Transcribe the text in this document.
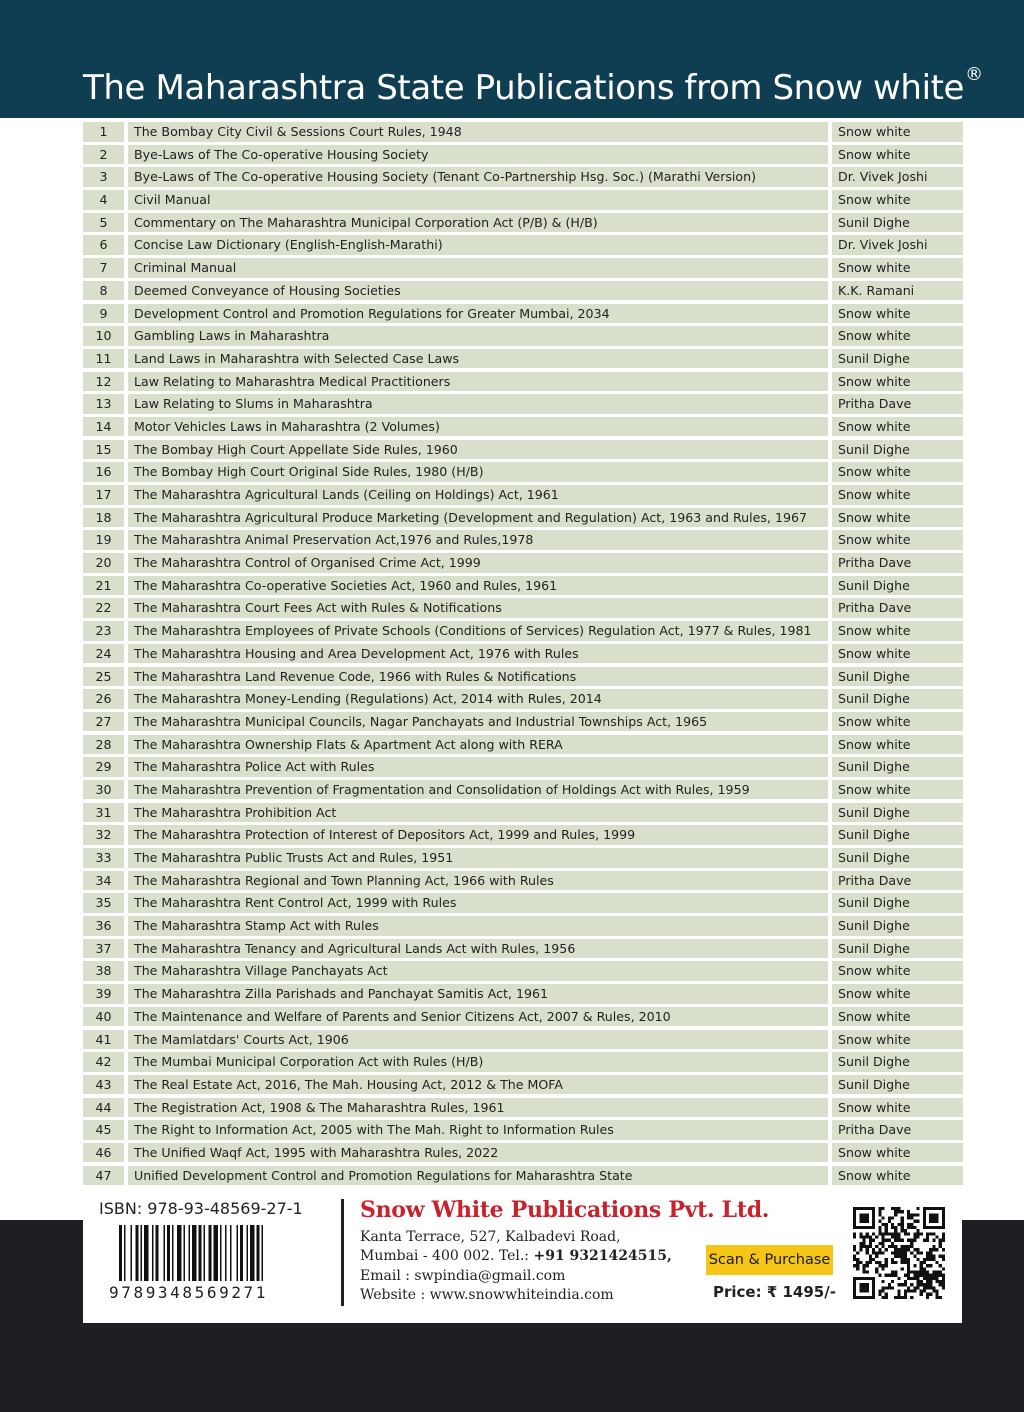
The Maharashtra State Publications from Snow white®
1	The Bombay City Civil & Sessions Court Rules, 1948	Snow white
2	Bye-Laws of The Co-operative Housing Society	Snow white
3	Bye-Laws of The Co-operative Housing Society (Tenant Co-Partnership Hsg. Soc.) (Marathi Version)	Dr. Vivek Joshi
4	Civil Manual	Snow white
5	Commentary on The Maharashtra Municipal Corporation Act (P/B) & (H/B)	Sunil Dighe
6	Concise Law Dictionary (English-English-Marathi)	Dr. Vivek Joshi
7	Criminal Manual	Snow white
8	Deemed Conveyance of Housing Societies	K.K. Ramani
9	Development Control and Promotion Regulations for Greater Mumbai, 2034	Snow white
10	Gambling Laws in Maharashtra	Snow white
11	Land Laws in Maharashtra with Selected Case Laws	Sunil Dighe
12	Law Relating to Maharashtra Medical Practitioners	Snow white
13	Law Relating to Slums in Maharashtra	Pritha Dave
14	Motor Vehicles Laws in Maharashtra (2 Volumes)	Snow white
15	The Bombay High Court Appellate Side Rules, 1960	Sunil Dighe
16	The Bombay High Court Original Side Rules, 1980 (H/B)	Snow white
17	The Maharashtra Agricultural Lands (Ceiling on Holdings) Act, 1961	Snow white
18	The Maharashtra Agricultural Produce Marketing (Development and Regulation) Act, 1963 and Rules, 1967	Snow white
19	The Maharashtra Animal Preservation Act,1976 and Rules,1978	Snow white
20	The Maharashtra Control of Organised Crime Act, 1999	Pritha Dave
21	The Maharashtra Co-operative Societies Act, 1960 and Rules, 1961	Sunil Dighe
22	The Maharashtra Court Fees Act with Rules & Notifications	Pritha Dave
23	The Maharashtra Employees of Private Schools (Conditions of Services) Regulation Act, 1977 & Rules, 1981	Snow white
24	The Maharashtra Housing and Area Development Act, 1976 with Rules	Snow white
25	The Maharashtra Land Revenue Code, 1966 with Rules & Notifications	Sunil Dighe
26	The Maharashtra Money-Lending (Regulations) Act, 2014 with Rules, 2014	Sunil Dighe
27	The Maharashtra Municipal Councils, Nagar Panchayats and Industrial Townships Act, 1965	Snow white
28	The Maharashtra Ownership Flats & Apartment Act along with RERA	Snow white
29	The Maharashtra Police Act with Rules	Sunil Dighe
30	The Maharashtra Prevention of Fragmentation and Consolidation of Holdings Act with Rules, 1959	Snow white
31	The Maharashtra Prohibition Act	Sunil Dighe
32	The Maharashtra Protection of Interest of Depositors Act, 1999 and Rules, 1999	Sunil Dighe
33	The Maharashtra Public Trusts Act and Rules, 1951	Sunil Dighe
34	The Maharashtra Regional and Town Planning Act, 1966 with Rules	Pritha Dave
35	The Maharashtra Rent Control Act, 1999 with Rules	Sunil Dighe
36	The Maharashtra Stamp Act with Rules	Sunil Dighe
37	The Maharashtra Tenancy and Agricultural Lands Act with Rules, 1956	Sunil Dighe
38	The Maharashtra Village Panchayats Act	Snow white
39	The Maharashtra Zilla Parishads and Panchayat Samitis Act, 1961	Snow white
40	The Maintenance and Welfare of Parents and Senior Citizens Act, 2007 & Rules, 2010	Snow white
41	The Mamlatdars' Courts Act, 1906	Snow white
42	The Mumbai Municipal Corporation Act with Rules (H/B)	Sunil Dighe
43	The Real Estate Act, 2016, The Mah. Housing Act, 2012 & The MOFA	Sunil Dighe
44	The Registration Act, 1908 & The Maharashtra Rules, 1961	Snow white
45	The Right to Information Act, 2005 with The Mah. Right to Information Rules	Pritha Dave
46	The Unified Waqf Act, 1995 with Maharashtra Rules, 2022	Snow white
47	Unified Development Control and Promotion Regulations for Maharashtra State	Snow white
ISBN: 978-93-48569-27-1
9789348569271
Snow White Publications Pvt. Ltd.
Kanta Terrace, 527, Kalbadevi Road,
Mumbai - 400 002. Tel.: +91 9321424515,
Email : swpindia@gmail.com
Website : www.snowwhiteindia.com
Scan & Purchase
Price: ₹ 1495/-
